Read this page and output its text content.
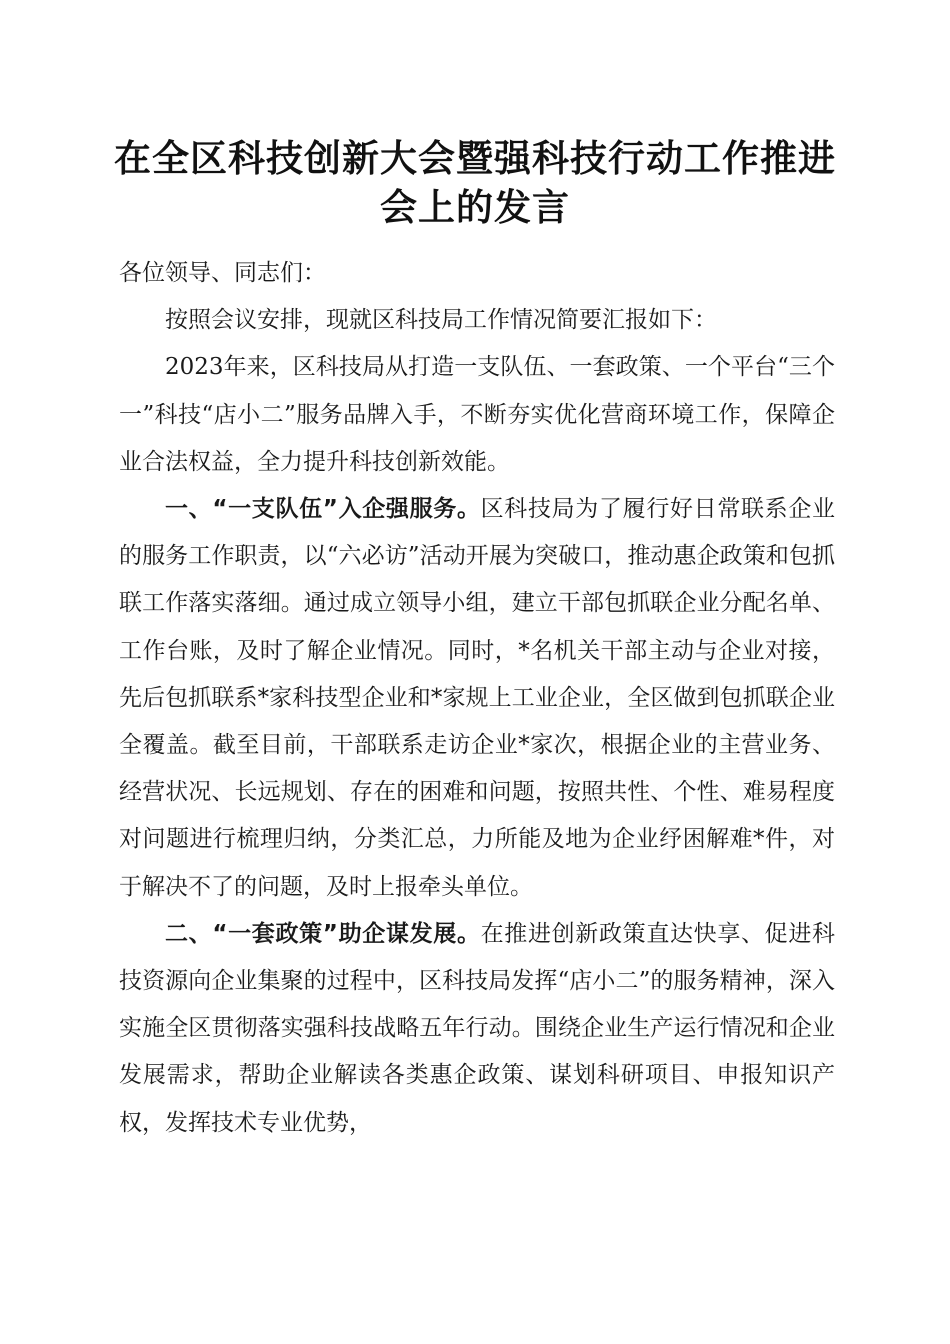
在全区科技创新大会暨强科技行动工作推进会上的发言

各位领导、同志们：

按照会议安排，现就区科技局工作情况简要汇报如下：

2023年来，区科技局从打造一支队伍、一套政策、一个平台“三个一”科技“店小二”服务品牌入手，不断夯实优化营商环境工作，保障企业合法权益，全力提升科技创新效能。

一、“一支队伍”入企强服务。区科技局为了履行好日常联系企业的服务工作职责，以“六必访”活动开展为突破口，推动惠企政策和包抓联工作落实落细。通过成立领导小组，建立干部包抓联企业分配名单、工作台账，及时了解企业情况。同时，*名机关干部主动与企业对接，先后包抓联系*家科技型企业和*家规上工业企业，全区做到包抓联企业全覆盖。截至目前，干部联系走访企业*家次，根据企业的主营业务、经营状况、长远规划、存在的困难和问题，按照共性、个性、难易程度对问题进行梳理归纳，分类汇总，力所能及地为企业纾困解难*件，对于解决不了的问题，及时上报牵头单位。

二、“一套政策”助企谋发展。在推进创新政策直达快享、促进科技资源向企业集聚的过程中，区科技局发挥“店小二”的服务精神，深入实施全区贯彻落实强科技战略五年行动。围绕企业生产运行情况和企业发展需求，帮助企业解读各类惠企政策、谋划科研项目、申报知识产权，发挥技术专业优势，
